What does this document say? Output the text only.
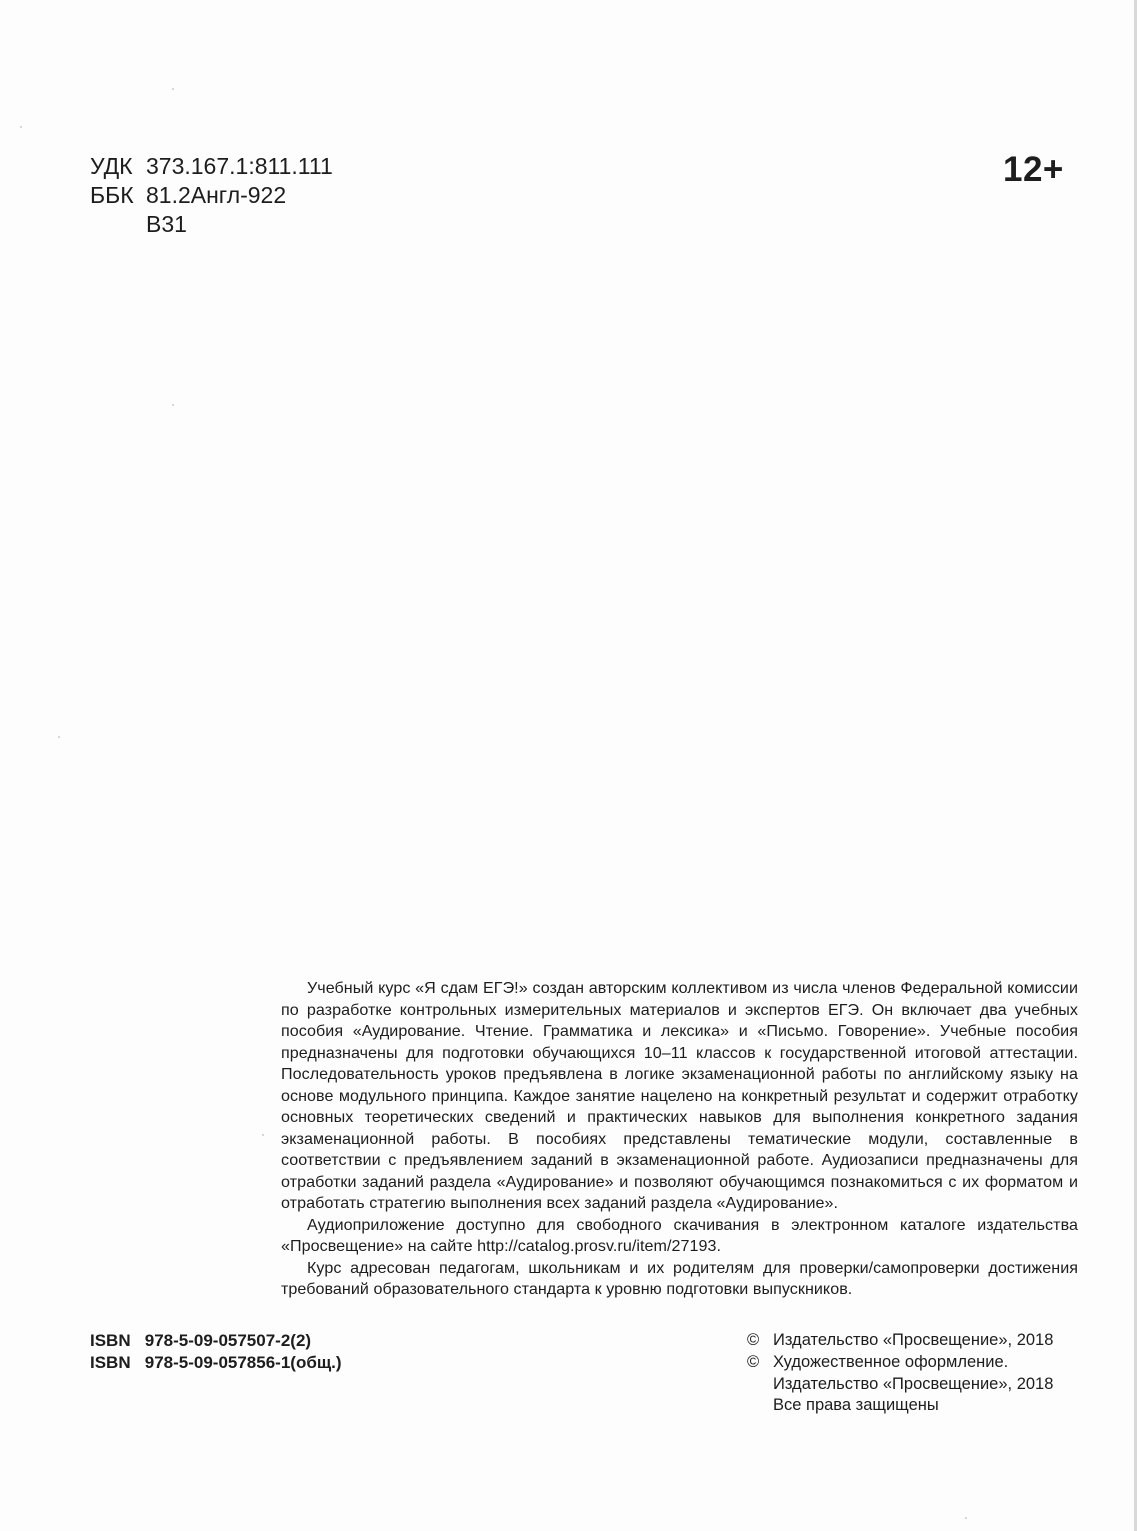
УДК 373.167.1:811.111
ББК 81.2Англ-922
В31
12+

Учебный курс «Я сдам ЕГЭ!» создан авторским коллективом из числа членов Федеральной комиссии по разработке контрольных измерительных материалов и экспертов ЕГЭ. Он включает два учебных пособия «Аудирование. Чтение. Грамматика и лексика» и «Письмо. Говорение». Учебные пособия предназначены для подготовки обучающихся 10–11 классов к государственной итоговой аттестации. Последовательность уроков предъявлена в логике экзаменационной работы по английскому языку на основе модульного принципа. Каждое занятие нацелено на конкретный результат и содержит отработку основных теоретических сведений и практических навыков для выполнения конкретного задания экзаменационной работы. В пособиях представлены тематические модули, составленные в соответствии с предъявлением заданий в экзаменационной работе. Аудиозаписи предназначены для отработки заданий раздела «Аудирование» и позволяют обучающимся познакомиться с их форматом и отработать стратегию выполнения всех заданий раздела «Аудирование».

Аудиоприложение доступно для свободного скачивания в электронном каталоге издательства «Просвещение» на сайте http://catalog.prosv.ru/item/27193.

Курс адресован педагогам, школьникам и их родителям для проверки/самопроверки достижения требований образовательного стандарта к уровню подготовки выпускников.

ISBN 978-5-09-057507-2(2)
ISBN 978-5-09-057856-1(общ.)
© Издательство «Просвещение», 2018
© Художественное оформление.
Издательство «Просвещение», 2018
Все права защищены
